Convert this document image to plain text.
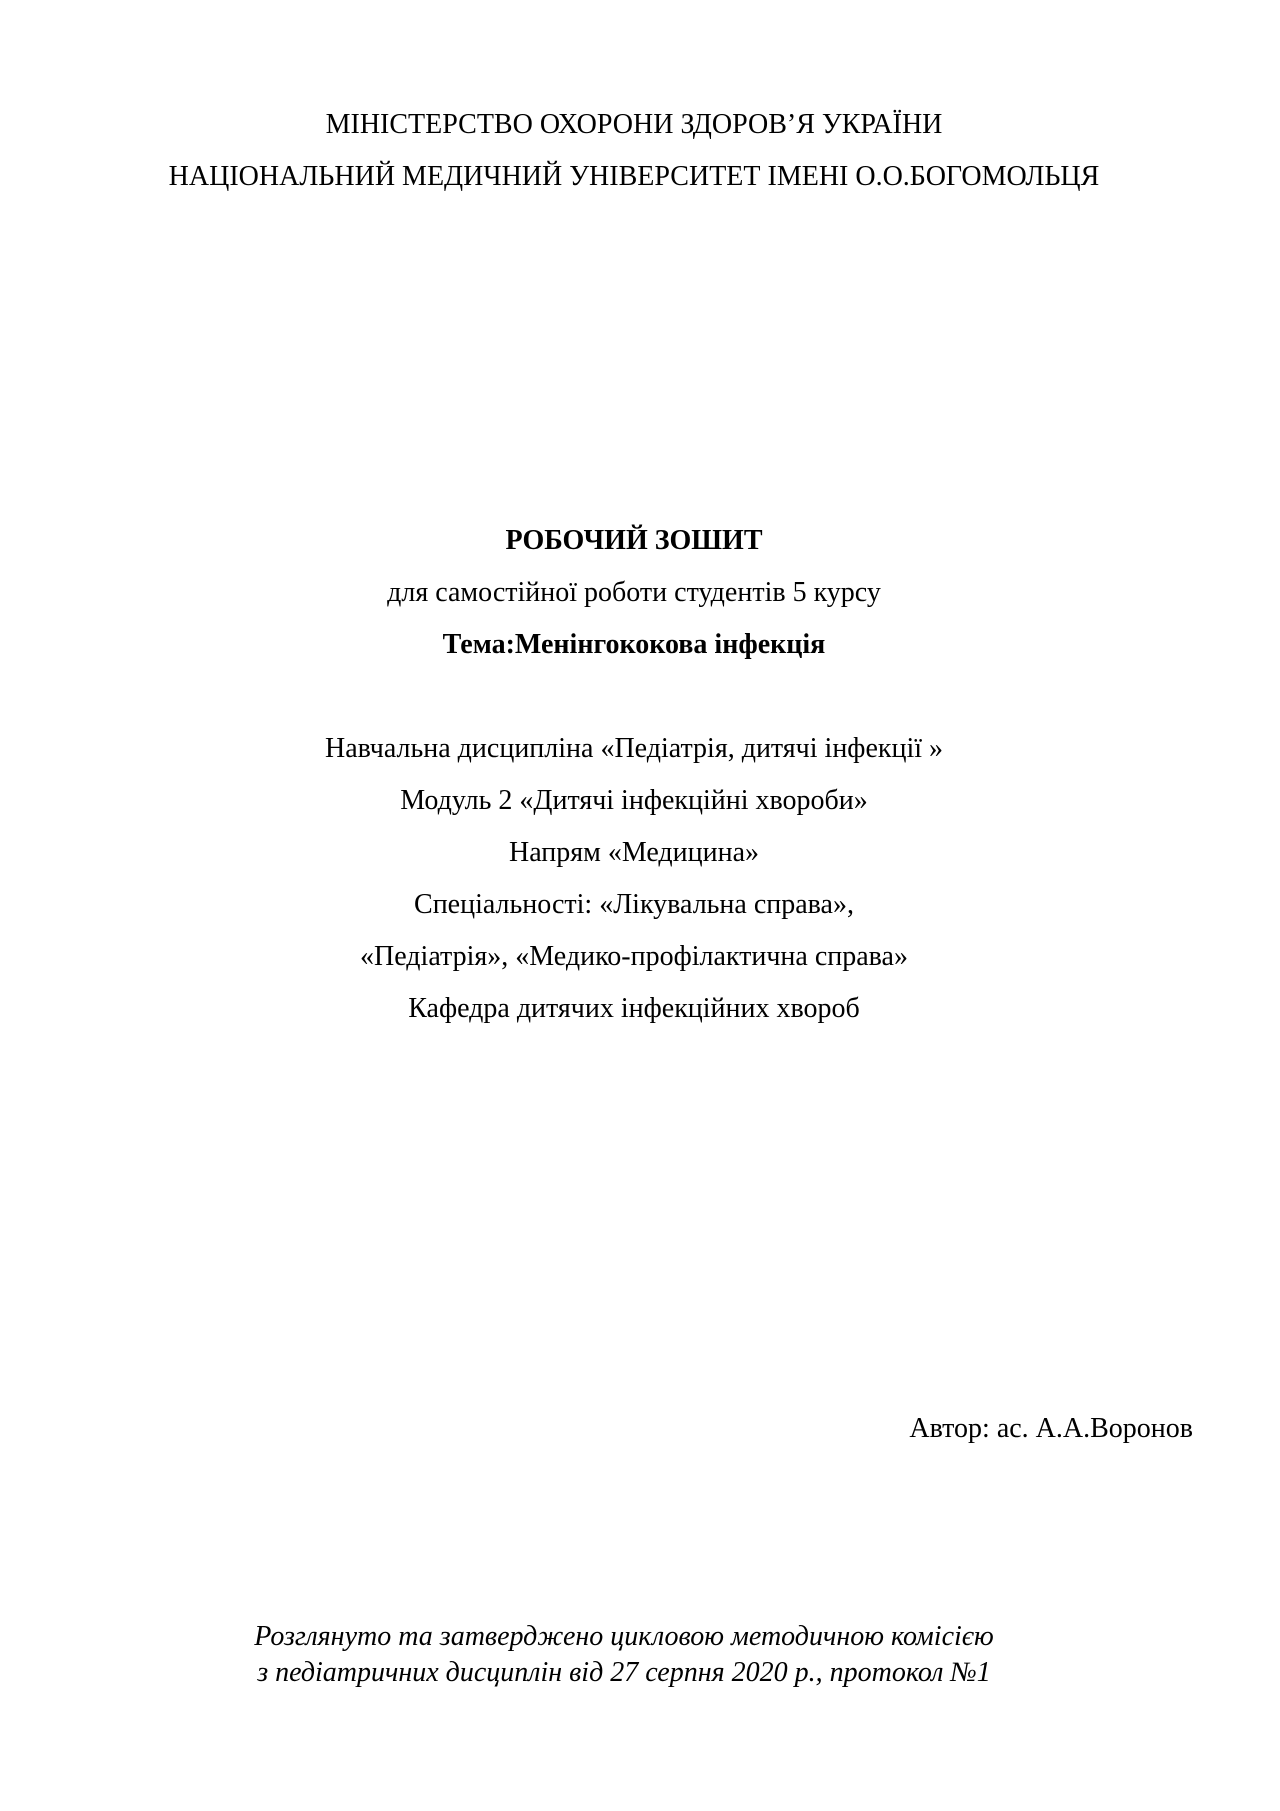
МІНІСТЕРСТВО ОХОРОНИ ЗДОРОВ’Я УКРАЇНИ
НАЦІОНАЛЬНИЙ МЕДИЧНИЙ УНІВЕРСИТЕТ ІМЕНІ О.О.БОГОМОЛЬЦЯ
РОБОЧИЙ ЗОШИТ
для самостійної роботи студентів 5 курсу
Тема:Менінгококова інфекція
Навчальна дисципліна «Педіатрія, дитячі інфекції »
Модуль 2 «Дитячі інфекційні хвороби»
Напрям «Медицина»
Спеціальності: «Лікувальна справа»,
«Педіатрія», «Медико-профілактична справа»
Кафедра дитячих інфекційних хвороб
Автор: ас. А.А.Воронов
Розглянуто та затверджено цикловою методичною комісією
з педіатричних дисциплін від 27 серпня 2020 р., протокол №1
